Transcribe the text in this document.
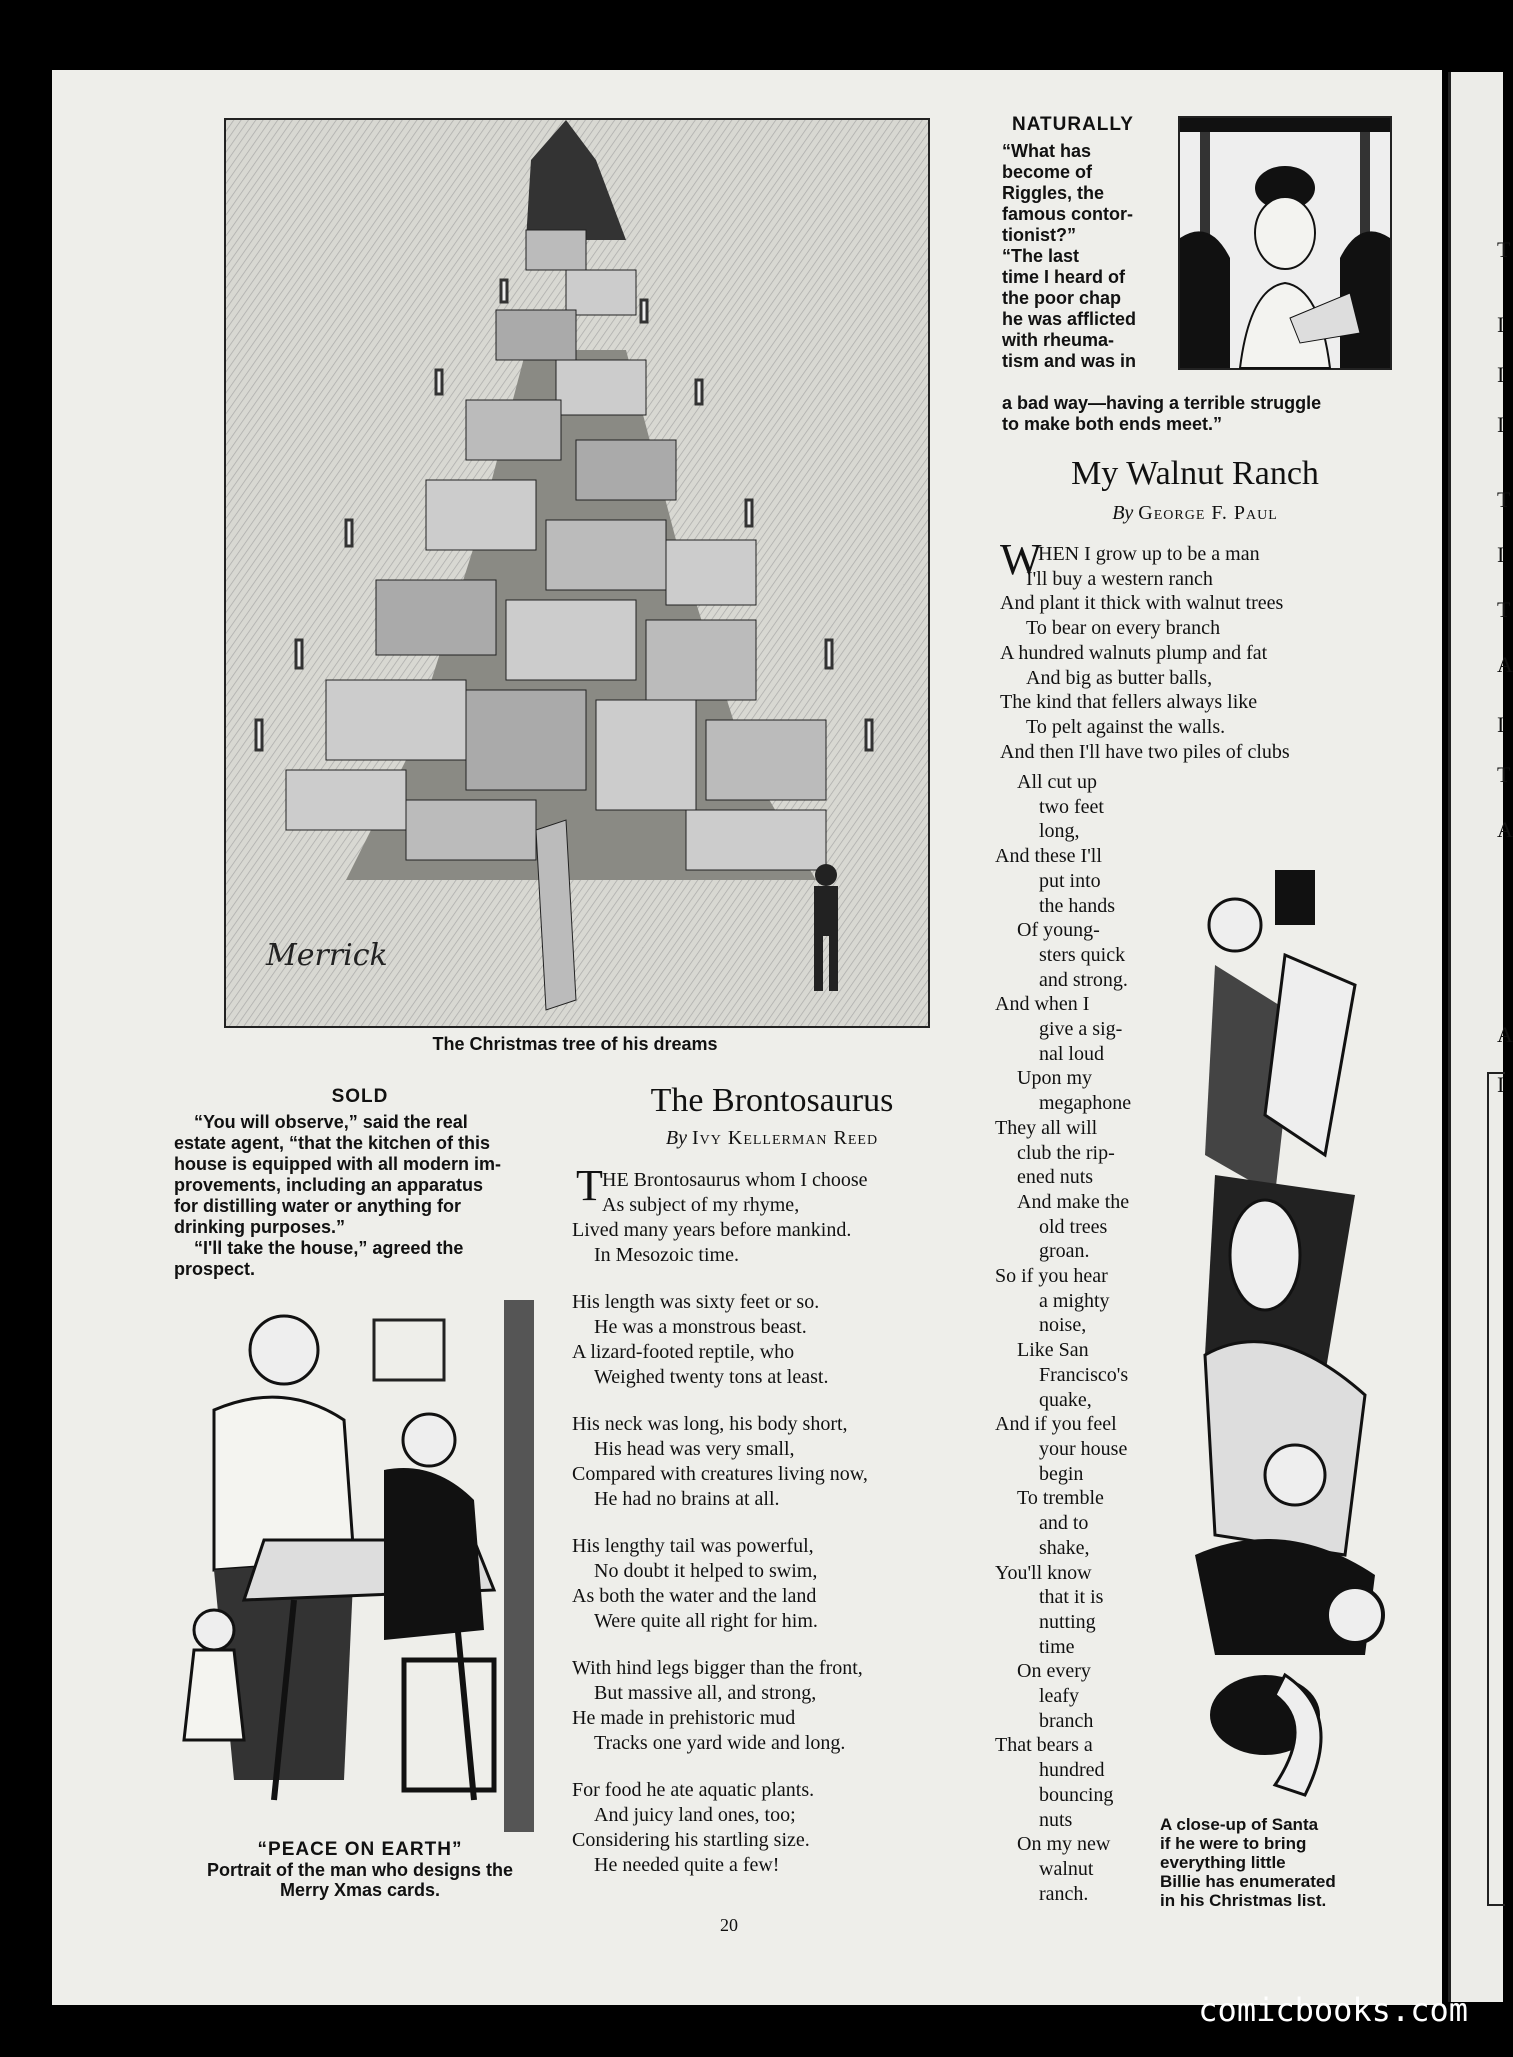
T
I
I
I
T
I
T
A
I
T
A
A
I
Merrick
The Christmas tree of his dreams
NATURALLY
“What has
become of
Riggles, the
famous contor-
tionist?”
“The last
time I heard of
the poor chap
he was afflicted
with rheuma-
tism and was in
a bad way—having a terrible struggle
to make both ends meet.”
My Walnut Ranch
By George F. Paul
W
HEN I grow up to be a man
I'll buy a western ranch
And plant it thick with walnut trees
To bear on every branch
A hundred walnuts plump and fat
And big as butter balls,
The kind that fellers always like
To pelt against the walls.
And then I'll have two piles of clubs
All cut up
two feet
long,
And these I'll
put into
the hands
Of young-
sters quick
and strong.
And when I
give a sig-
nal loud
Upon my
megaphone
They all will
club the rip-
ened nuts
And make the
old trees
groan.
So if you hear
a mighty
noise,
Like San
Francisco's
quake,
And if you feel
your house
begin
To tremble
and to
shake,
You'll know
that it is
nutting
time
On every
leafy
branch
That bears a
hundred
bouncing
nuts
On my new
walnut
ranch.
A close-up of Santa
if he were to bring
everything little
Billie has enumerated
in his Christmas list.
SOLD
“You will observe,” said the real
estate agent, “that the kitchen of this
house is equipped with all modern im-
provements, including an apparatus
for distilling water or anything for
drinking purposes.”
“I'll take the house,” agreed the
prospect.
“PEACE ON EARTH”
Portrait of the man who designs the
Merry Xmas cards.
The Brontosaurus
By Ivy Kellerman Reed
T HE Brontosaurus whom I choose
As subject of my rhyme,
Lived many years before mankind.
In Mesozoic time.
His length was sixty feet or so.
He was a monstrous beast.
A lizard-footed reptile, who
Weighed twenty tons at least.
His neck was long, his body short,
His head was very small,
Compared with creatures living now,
He had no brains at all.
His lengthy tail was powerful,
No doubt it helped to swim,
As both the water and the land
Were quite all right for him.
With hind legs bigger than the front,
But massive all, and strong,
He made in prehistoric mud
Tracks one yard wide and long.
For food he ate aquatic plants.
And juicy land ones, too;
Considering his startling size.
He needed quite a few!
20
comicbooks.com
